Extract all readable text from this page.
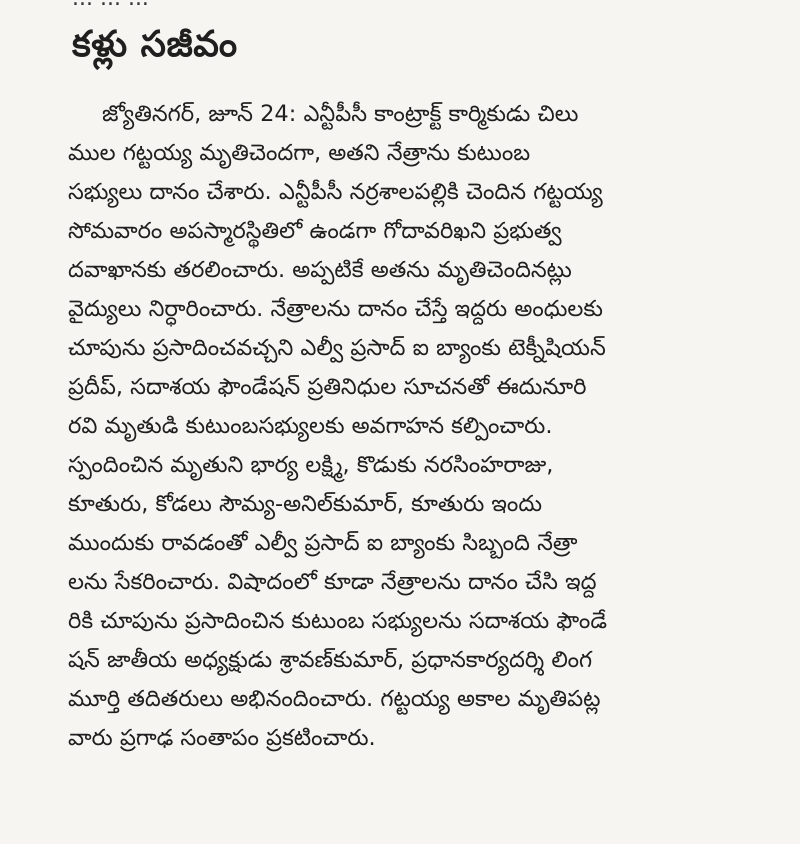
కళ్లు సజీవం
జ్యోతినగర్, జూన్ 24: ఎన్టీపీసీ కాంట్రాక్ట్ కార్మికుడు చిలు
ముల గట్టయ్య మృతిచెందగా, అతని నేత్రాను కుటుంబ
సభ్యులు దానం చేశారు. ఎన్టీపీసీ నర్రశాలపల్లికి చెందిన గట్టయ్య
సోమవారం అపస్మారస్థితిలో ఉండగా గోదావరిఖని ప్రభుత్వ
దవాఖానకు తరలించారు. అప్పటికే అతను మృతిచెందినట్లు
వైద్యులు నిర్ధారించారు. నేత్రాలను దానం చేస్తే ఇద్దరు అంధులకు
చూపును ప్రసాదించవచ్చని ఎల్వీ ప్రసాద్ ఐ బ్యాంకు టెక్నీషియన్
ప్రదీప్, సదాశయ ఫౌండేషన్ ప్రతినిధుల సూచనతో ఈదునూరి
రవి మృతుడి కుటుంబసభ్యులకు అవగాహన కల్పించారు.
స్పందించిన మృతుని భార్య లక్ష్మి, కొడుకు నరసింహరాజు,
కూతురు, కోడలు సౌమ్య-అనిల్‌కుమార్, కూతురు ఇందు
ముందుకు రావడంతో ఎల్వీ ప్రసాద్ ఐ బ్యాంకు సిబ్బంది నేత్రా
లను సేకరించారు. విషాదంలో కూడా నేత్రాలను దానం చేసి ఇద్ద
రికి చూపును ప్రసాదించిన కుటుంబ సభ్యులను సదాశయ ఫౌండే
షన్ జాతీయ అధ్యక్షుడు శ్రావణ్‌కుమార్, ప్రధానకార్యదర్శి లింగ
మూర్తి తదితరులు అభినందించారు. గట్టయ్య అకాల మృతిపట్ల
వారు ప్రగాఢ సంతాపం ప్రకటించారు.
